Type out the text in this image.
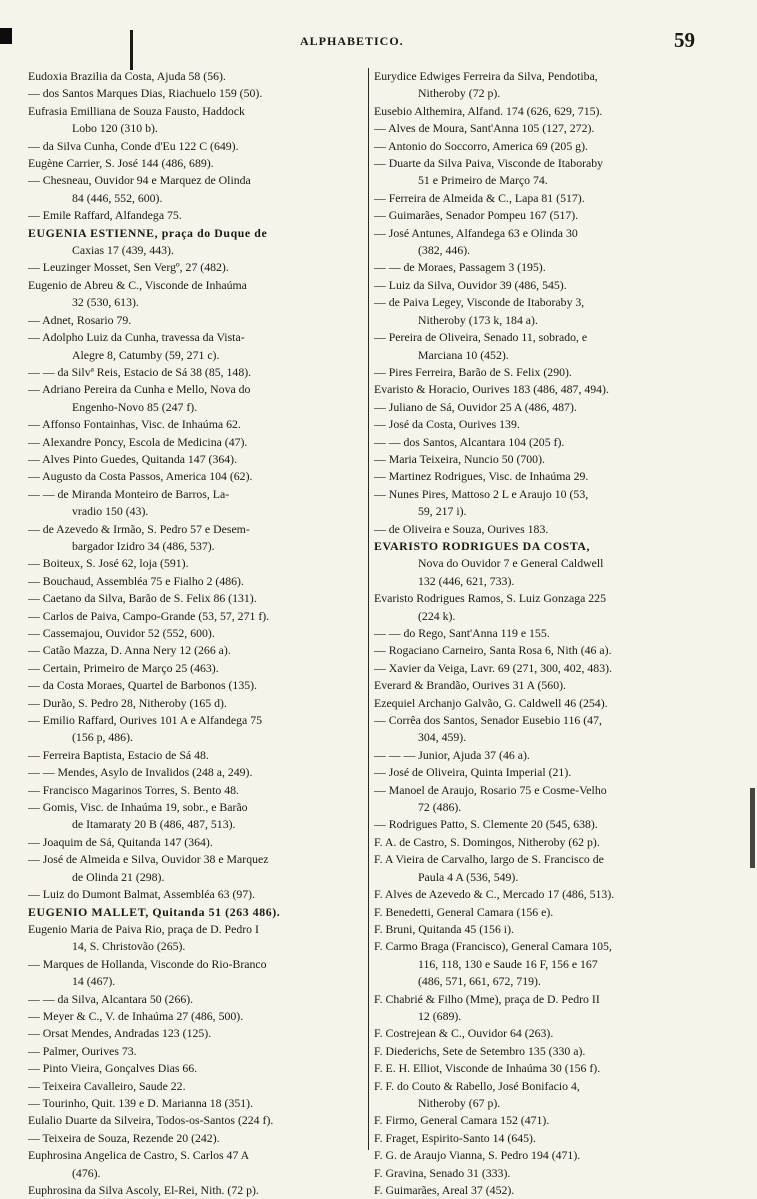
ALPHABETICO.	59

Eudoxia Brazilia da Costa, Ajuda 58 (56).

— dos Santos Marques Dias, Riachuelo 159 (50).

Eufrasia Emilliana de Souza Fausto, Haddock

Lobo 120 (310 b).

— da Silva Cunha, Conde d'Eu 122 C (649).

Eugène Carrier, S. José 144 (486, 689).

— Chesneau, Ouvidor 94 e Marquez de Olinda

84 (446, 552, 600).

— Emile Raffard, Alfandega 75.

EUGENIA ESTIENNE, praça do Duque de

Caxias 17 (439, 443).

— Leuzinger Mosset, Sen Vergº, 27 (482).

Eugenio de Abreu & C., Visconde de Inhaúma

32 (530, 613).

— Adnet, Rosario 79.

— Adolpho Luiz da Cunha, travessa da Vista-

Alegre 8, Catumby (59, 271 c).

— — da Silvª Reis, Estacio de Sá 38 (85, 148).

— Adriano Pereira da Cunha e Mello, Nova do

Engenho-Novo 85 (247 f).

— Affonso Fontainhas, Visc. de Inhaúma 62.

— Alexandre Poncy, Escola de Medicina (47).

— Alves Pinto Guedes, Quitanda 147 (364).

— Augusto da Costa Passos, America 104 (62).

— — de Miranda Monteiro de Barros, La-

vradio 150 (43).

— de Azevedo & Irmão, S. Pedro 57 e Desem-

bargador Izidro 34 (486, 537).

— Boiteux, S. José 62, loja (591).

— Bouchaud, Assembléa 75 e Fialho 2 (486).

— Caetano da Silva, Barão de S. Felix 86 (131).

— Carlos de Paiva, Campo-Grande (53, 57, 271 f).

— Cassemajou, Ouvidor 52 (552, 600).

— Catão Mazza, D. Anna Nery 12 (266 a).

— Certain, Primeiro de Março 25 (463).

— da Costa Moraes, Quartel de Barbonos (135).

— Durão, S. Pedro 28, Nitheroby (165 d).

— Emilio Raffard, Ourives 101 A e Alfandega 75

(156 p, 486).

— Ferreira Baptista, Estacio de Sá 48.

— — Mendes, Asylo de Invalidos (248 a, 249).

— Francisco Magarinos Torres, S. Bento 48.

— Gomis, Visc. de Inhaúma 19, sobr., e Barão

de Itamaraty 20 B (486, 487, 513).

— Joaquim de Sá, Quitanda 147 (364).

— José de Almeida e Silva, Ouvidor 38 e Marquez

de Olinda 21 (298).

— Luiz do Dumont Balmat, Assembléa 63 (97).

EUGENIO MALLET, Quitanda 51 (263 486).

Eugenio Maria de Paiva Rio, praça de D. Pedro I

14, S. Christovão (265).

— Marques de Hollanda, Visconde do Rio-Branco

14 (467).

— — da Silva, Alcantara 50 (266).

— Meyer & C., V. de Inhaúma 27 (486, 500).

— Orsat Mendes, Andradas 123 (125).

— Palmer, Ourives 73.

— Pinto Vieira, Gonçalves Dias 66.

— Teixeira Cavalleiro, Saude 22.

— Tourinho, Quit. 139 e D. Marianna 18 (351).

Eulalio Duarte da Silveira, Todos-os-Santos (224 f).

— Teixeira de Souza, Rezende 20 (242).

Euphrosina Angelica de Castro, S. Carlos 47 A

(476).

Euphrosina da Silva Ascoly, El-Rei, Nith. (72 p).

Eurydice Edwiges Ferreira da Silva, Pendotiba,

Nitheroby (72 p).

Eusebio Althemira, Alfand. 174 (626, 629, 715).

— Alves de Moura, Sant'Anna 105 (127, 272).

— Antonio do Soccorro, America 69 (205 g).

— Duarte da Silva Paiva, Visconde de Itaboraby

51 e Primeiro de Março 74.

— Ferreira de Almeida & C., Lapa 81 (517).

— Guimarães, Senador Pompeu 167 (517).

— José Antunes, Alfandega 63 e Olinda 30

(382, 446).

— — de Moraes, Passagem 3 (195).

— Luiz da Silva, Ouvidor 39 (486, 545).

— de Paiva Legey, Visconde de Itaboraby 3,

Nitheroby (173 k, 184 a).

— Pereira de Oliveira, Senado 11, sobrado, e

Marciana 10 (452).

— Pires Ferreira, Barão de S. Felix (290).

Evaristo & Horacio, Ourives 183 (486, 487, 494).

— Juliano de Sá, Ouvidor 25 A (486, 487).

— José da Costa, Ourives 139.

— — dos Santos, Alcantara 104 (205 f).

— Maria Teixeira, Nuncio 50 (700).

— Martinez Rodrigues, Visc. de Inhaúma 29.

— Nunes Pires, Mattoso 2 L e Araujo 10 (53,

59, 217 i).

— de Oliveira e Souza, Ourives 183.

EVARISTO RODRIGUES DA COSTA,

Nova do Ouvidor 7 e General Caldwell

132 (446, 621, 733).

Evaristo Rodrigues Ramos, S. Luiz Gonzaga 225

(224 k).

— — do Rego, Sant'Anna 119 e 155.

— Rogaciano Carneiro, Santa Rosa 6, Nith (46 a).

— Xavier da Veiga, Lavr. 69 (271, 300, 402, 483).

Everard & Brandão, Ourives 31 A (560).

Ezequiel Archanjo Galvão, G. Caldwell 46 (254).

— Corrêa dos Santos, Senador Eusebio 116 (47,

304, 459).

— — — Junior, Ajuda 37 (46 a).

— José de Oliveira, Quinta Imperial (21).

— Manoel de Araujo, Rosario 75 e Cosme-Velho

72 (486).

— Rodrigues Patto, S. Clemente 20 (545, 638).

F. A. de Castro, S. Domingos, Nitheroby (62 p).

F. A Vieira de Carvalho, largo de S. Francisco de

Paula 4 A (536, 549).

F. Alves de Azevedo & C., Mercado 17 (486, 513).

F. Benedetti, General Camara (156 e).

F. Bruni, Quitanda 45 (156 i).

F. Carmo Braga (Francisco), General Camara 105,

116, 118, 130 e Saude 16 F, 156 e 167

(486, 571, 661, 672, 719).

F. Chabrié & Filho (Mme), praça de D. Pedro II

12 (689).

F. Costrejean & C., Ouvidor 64 (263).

F. Diederichs, Sete de Setembro 135 (330 a).

F. E. H. Elliot, Visconde de Inhaúma 30 (156 f).

F. F. do Couto & Rabello, José Bonifacio 4,

Nitheroby (67 p).

F. Firmo, General Camara 152 (471).

F. Fraget, Espirito-Santo 14 (645).

F. G. de Araujo Vianna, S. Pedro 194 (471).

F. Gravina, Senado 31 (333).

F. Guimarães, Areal 37 (452).
